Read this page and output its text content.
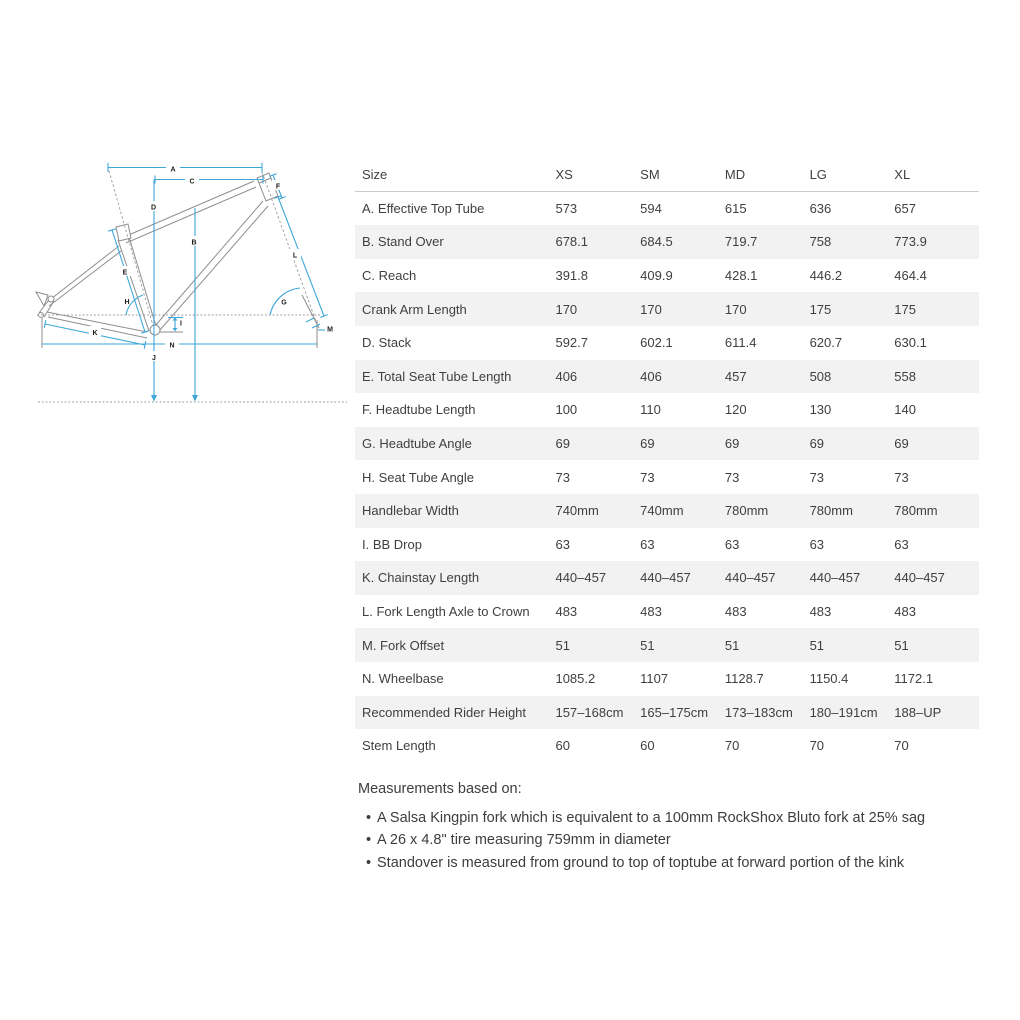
A
C
D
B
E
F
L
G
H
I
J
K	M
N
Size	XS	SM	MD	LG	XL
A. Effective Top Tube	573	594	615	636	657
B. Stand Over	678.1	684.5	719.7	758	773.9
C. Reach	391.8	409.9	428.1	446.2	464.4
Crank Arm Length	170	170	170	175	175
D. Stack	592.7	602.1	611.4	620.7	630.1
E. Total Seat Tube Length	406	406	457	508	558
F. Headtube Length	100	110	120	130	140
G. Headtube Angle	69	69	69	69	69
H. Seat Tube Angle	73	73	73	73	73
Handlebar Width	740mm	740mm	780mm	780mm	780mm
I. BB Drop	63	63	63	63	63
K. Chainstay Length	440–457	440–457	440–457	440–457	440–457
L. Fork Length Axle to Crown	483	483	483	483	483
M. Fork Offset	51	51	51	51	51
N. Wheelbase	1085.2	1107	1128.7	1150.4	1172.1
Recommended Rider Height	157–168cm	165–175cm	173–183cm	180–191cm	188–UP
Stem Length	60	60	70	70	70
Measurements based on:
• A Salsa Kingpin fork which is equivalent to a 100mm RockShox Bluto fork at 25% sag
• A 26 x 4.8" tire measuring 759mm in diameter
• Standover is measured from ground to top of toptube at forward portion of the kink
